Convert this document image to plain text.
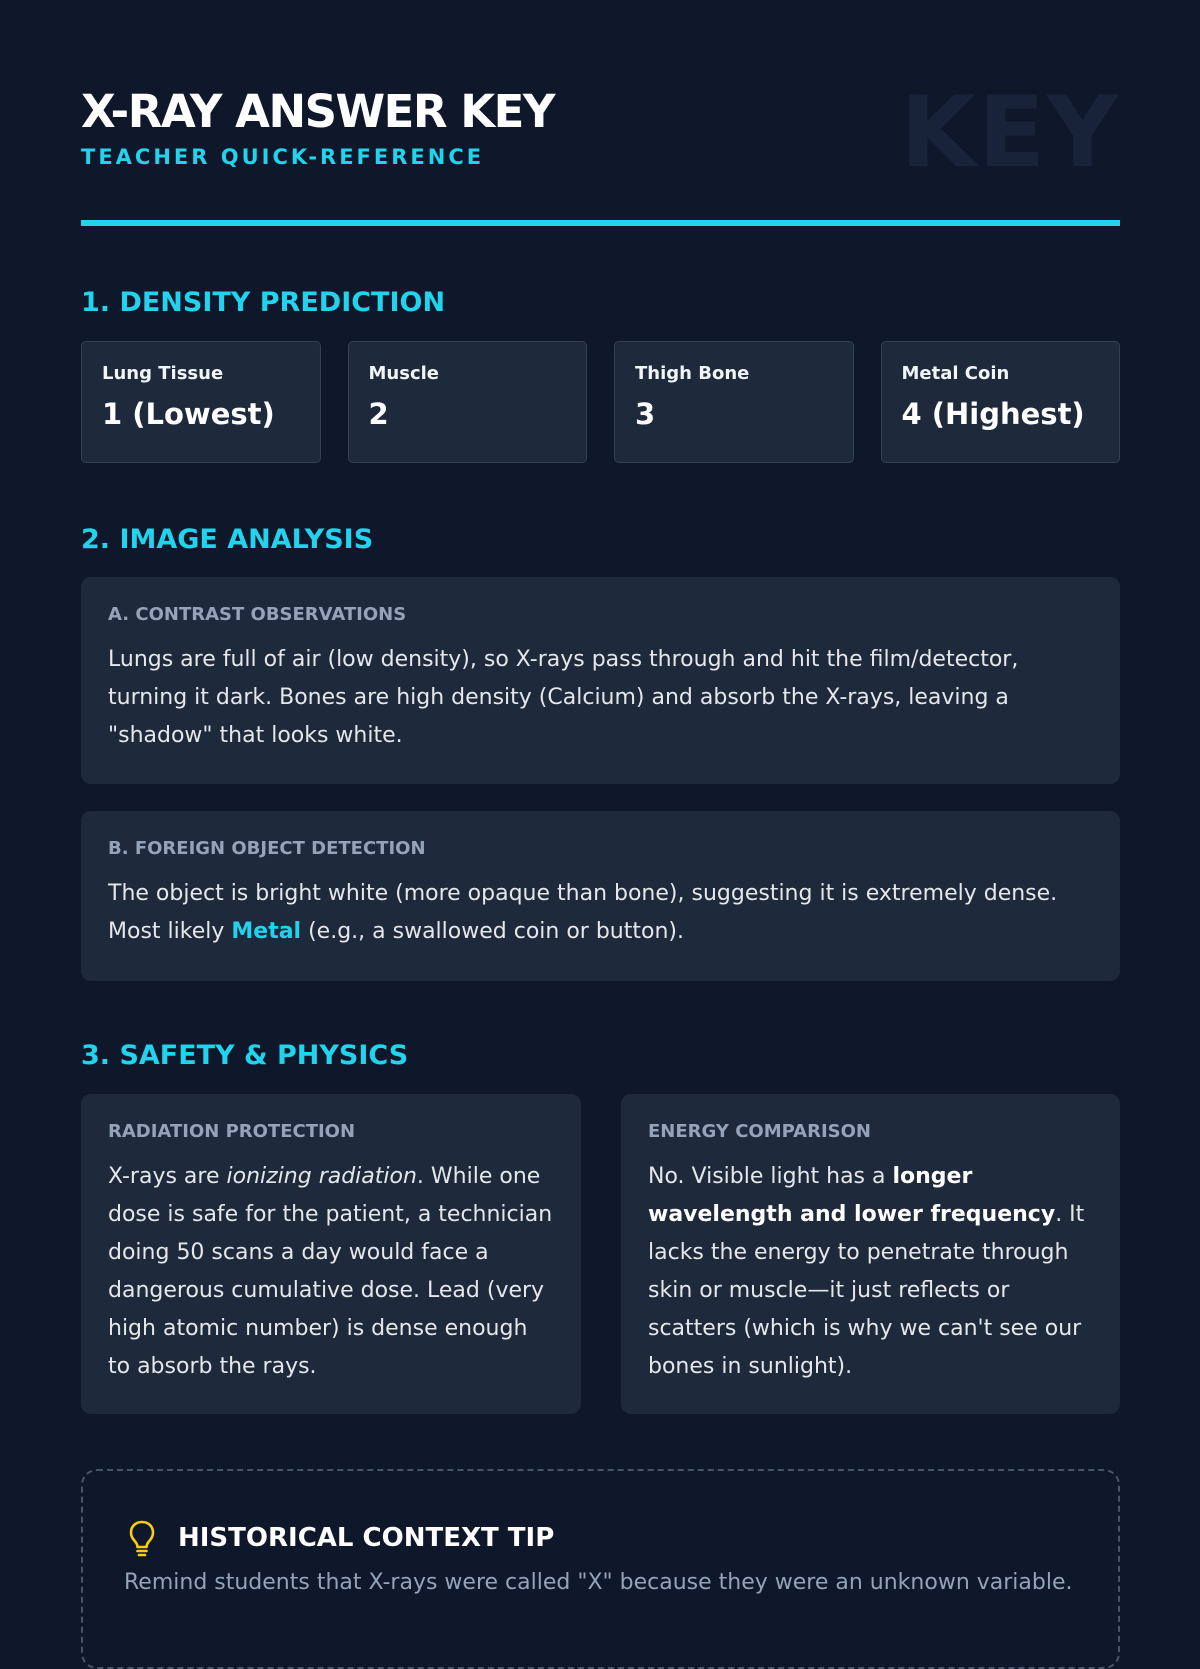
X-RAY ANSWER KEY
TEACHER QUICK-REFERENCE	KEY
1. DENSITY PREDICTION
Lung Tissue
1 (Lowest)
Muscle
2
Thigh Bone
3
Metal Coin
4 (Highest)
2. IMAGE ANALYSIS
A. CONTRAST OBSERVATIONS

Lungs are full of air (low density), so X-rays pass through and hit the film/detector, turning it dark. Bones are high density (Calcium) and absorb the X-rays, leaving a "shadow" that looks white.

B. FOREIGN OBJECT DETECTION

The object is bright white (more opaque than bone), suggesting it is extremely dense. Most likely Metal (e.g., a swallowed coin or button).

3. SAFETY & PHYSICS
RADIATION PROTECTION

X-rays are ionizing radiation. While one dose is safe for the patient, a technician doing 50 scans a day would face a dangerous cumulative dose. Lead (very high atomic number) is dense enough to absorb the rays.

ENERGY COMPARISON

No. Visible light has a longer wavelength and lower frequency. It lacks the energy to penetrate through skin or muscle—it just reflects or scatters (which is why we can't see our bones in sunlight).

HISTORICAL CONTEXT TIP
Remind students that X-rays were called "X" because they were an unknown variable.
